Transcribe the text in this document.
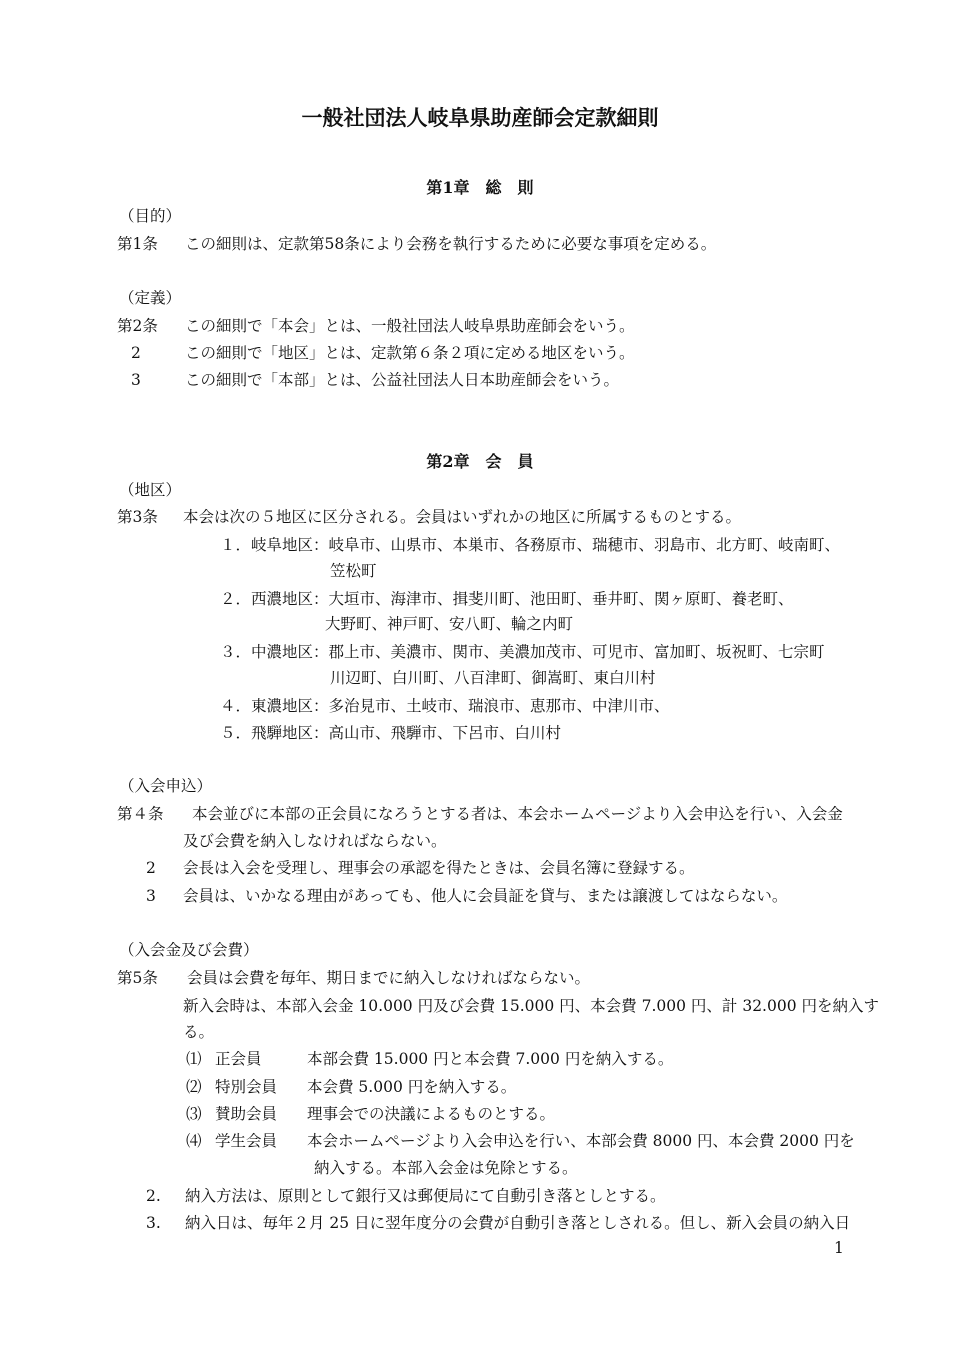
一般社団法人岐阜県助産師会定款細則
第1章　総　則
（目的）
第1条 この細則は、定款第58条により会務を執行するために必要な事項を定める。
（定義）
第2条 この細則で「本会」とは、一般社団法人岐阜県助産師会をいう。
2	この細則で「地区」とは、定款第６条２項に定める地区をいう。
3	この細則で「本部」とは、公益社団法人日本助産師会をいう。
第2章　会　員
（地区）
第3条 本会は次の５地区に区分される。会員はいずれかの地区に所属するものとする。
１．岐阜地区：岐阜市、山県市、本巣市、各務原市、瑞穂市、羽島市、北方町、岐南町、
笠松町
２．西濃地区：大垣市、海津市、揖斐川町、池田町、垂井町、関ヶ原町、養老町、
大野町、神戸町、安八町、輪之内町
３．中濃地区：郡上市、美濃市、関市、美濃加茂市、可児市、富加町、坂祝町、七宗町
川辺町、白川町、八百津町、御嵩町、東白川村
４．東濃地区：多治見市、土岐市、瑞浪市、恵那市、中津川市、
５．飛騨地区：高山市、飛騨市、下呂市、白川村
（入会申込）
第４条 本会並びに本部の正会員になろうとする者は、本会ホームページより入会申込を行い、入会金
及び会費を納入しなければならない。
2 会長は入会を受理し、理事会の承認を得たときは、会員名簿に登録する。
3 会員は、いかなる理由があっても、他人に会員証を貸与、または譲渡してはならない。
（入会金及び会費）
第5条 会員は会費を毎年、期日までに納入しなければならない。
新入会時は、本部入会金 10.000 円及び会費 15.000 円、本会費 7.000 円、計 32.000 円を納入す
る。
⑴ 正会員	本部会費 15.000 円と本会費 7.000 円を納入する。
⑵ 特別会員 本会費 5.000 円を納入する。
⑶ 賛助会員 理事会での決議によるものとする。
⑷ 学生会員 本会ホームページより入会申込を行い、本部会費 8000 円、本会費 2000 円を
納入する。本部入会金は免除とする。
2. 納入方法は、原則として銀行又は郵便局にて自動引き落としとする。
3. 納入日は、毎年２月 25 日に翌年度分の会費が自動引き落としされる。但し、新入会員の納入日
1
